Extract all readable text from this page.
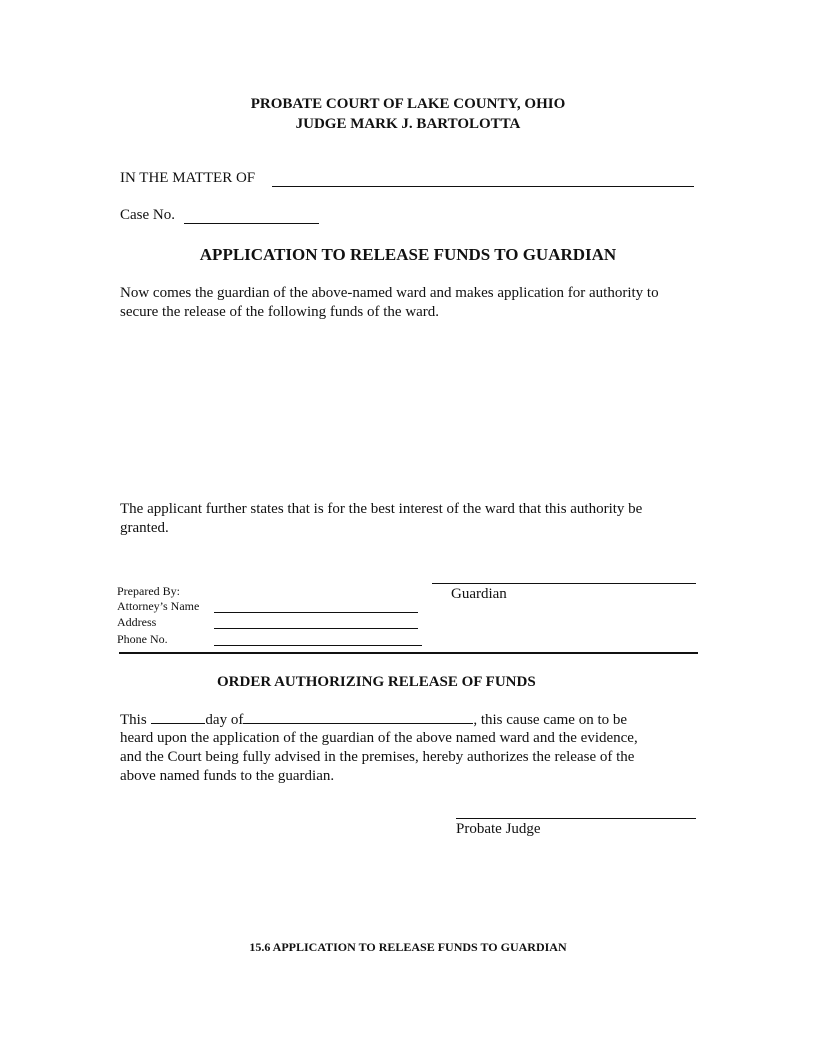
PROBATE COURT OF LAKE COUNTY, OHIO
JUDGE MARK J. BARTOLOTTA
IN THE MATTER OF
Case No.
APPLICATION TO RELEASE FUNDS TO GUARDIAN
Now comes the guardian of the above-named ward and makes application for authority to
secure the release of the following funds of the ward.
The applicant further states that is for the best interest of the ward that this authority be
granted.
Guardian
Prepared By:
Attorney’s Name
Address
Phone No.
ORDER AUTHORIZING RELEASE OF FUNDS
This	day of	, this cause came on to be
heard upon the application of the guardian of the above named ward and the evidence,
and the Court being fully advised in the premises, hereby authorizes the release of the
above named funds to the guardian.
Probate Judge
15.6 APPLICATION TO RELEASE FUNDS TO GUARDIAN
